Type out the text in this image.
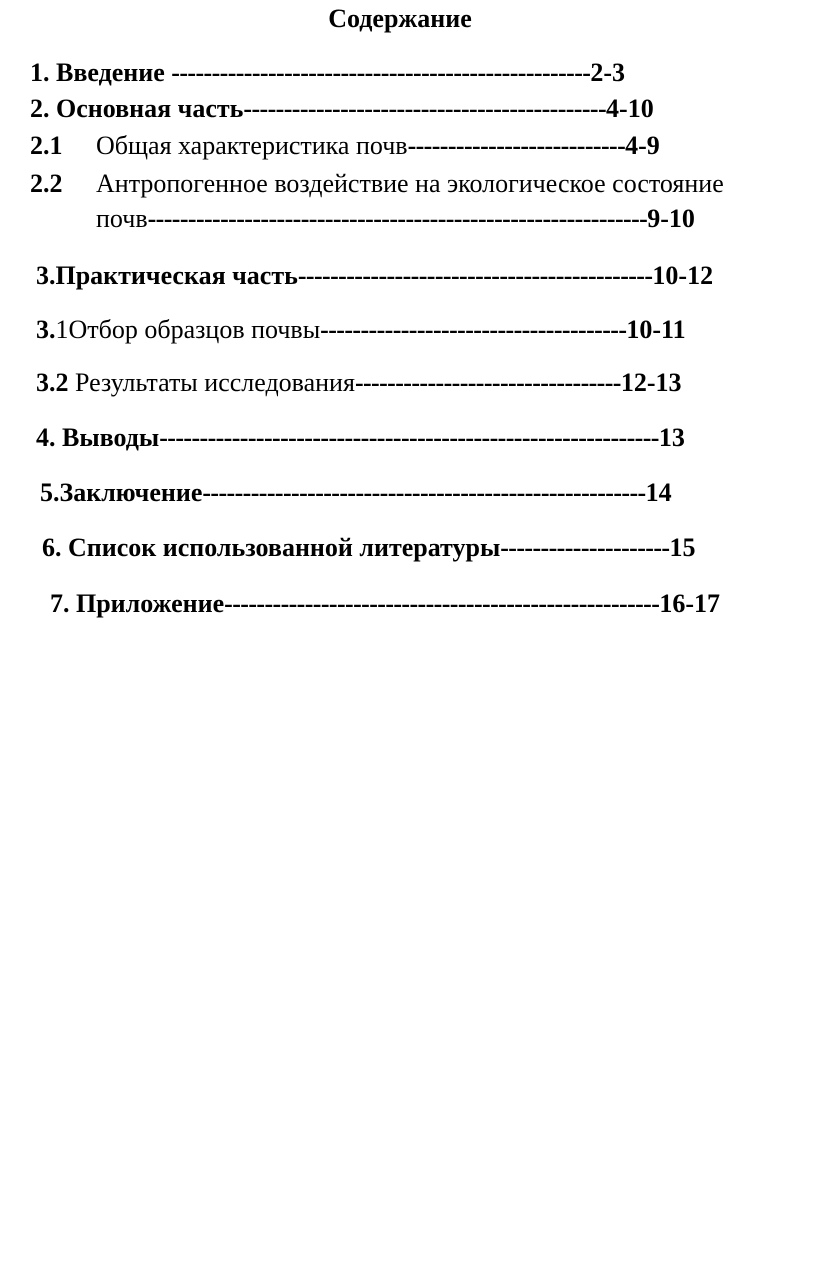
Содержание
1. Введение ----------------------------------------------------2-3
2. Основная часть---------------------------------------------4-10
2.1 Общая характеристика почв---------------------------4-9
2.2 Антропогенное воздействие на экологическое состояние
почв--------------------------------------------------------------9-10
3.Практическая часть--------------------------------------------10-12
3.1Отбор образцов почвы--------------------------------------10-11
3.2 Результаты исследования---------------------------------12-13
4. Выводы--------------------------------------------------------------13
5.Заключение-------------------------------------------------------14
6. Список использованной литературы---------------------15
7. Приложение------------------------------------------------------16-17
